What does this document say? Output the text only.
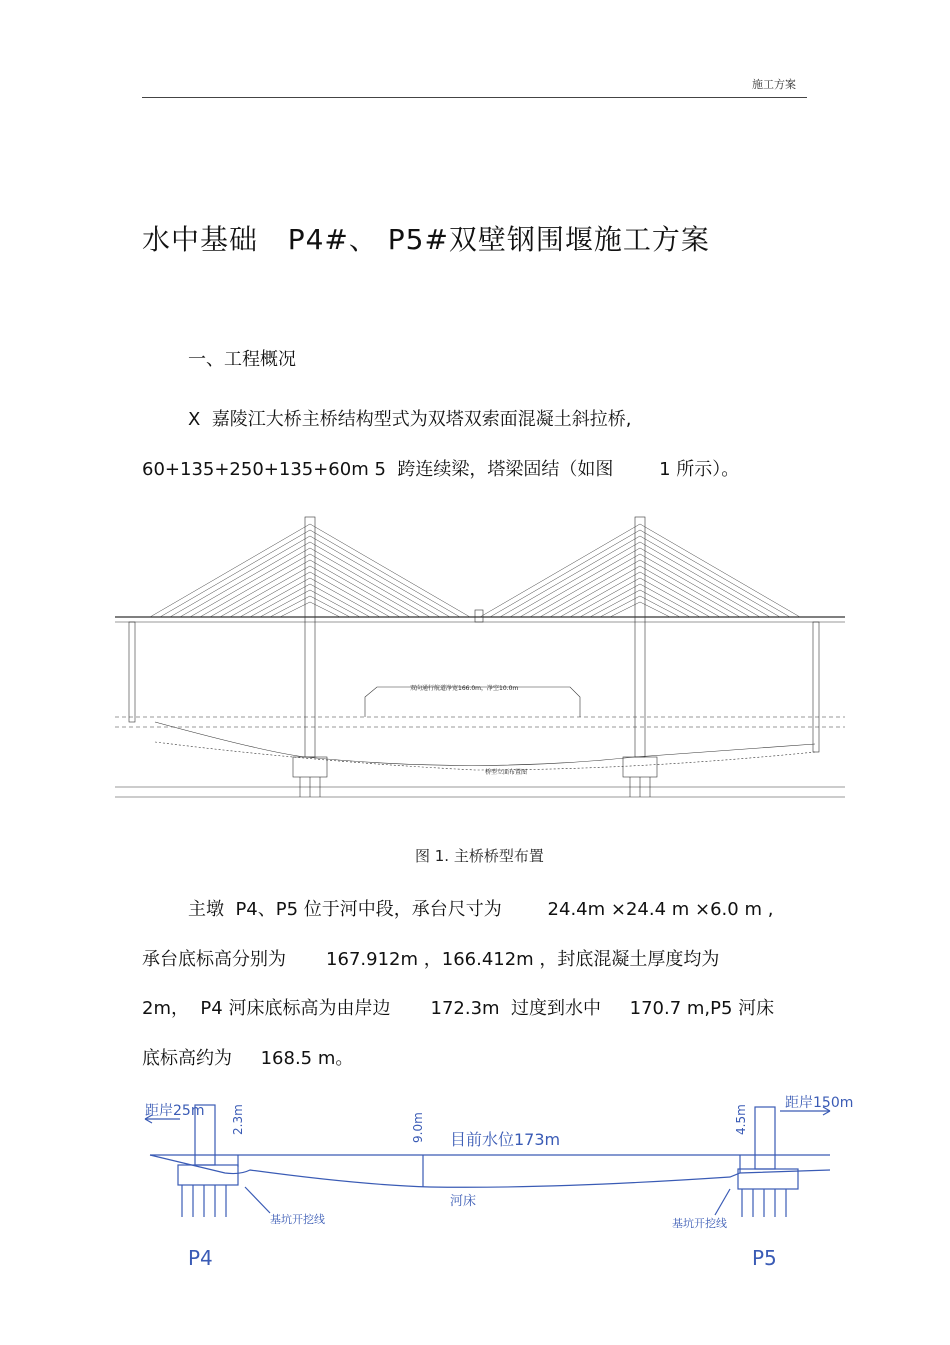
施工方案
水中基础   P4#、 P5#双壁钢围堰施工方案
一、工程概况
X  嘉陵江大桥主桥结构型式为双塔双索面混凝土斜拉桥,
60+135+250+135+60m 5  跨连续梁，塔梁固结（如图        1 所示）。
双向通行航道净宽166.0m，净空10.0m
桥型立面布置图
图 1. 主桥桥型布置
主墩  P4、P5 位于河中段，承台尺寸为        24.4m ×24.4 m ×6.0 m ,
承台底标高分别为       167.912m ，166.412m ，封底混凝土厚度均为
2m，  P4 河床底标高为由岸边       172.3m  过度到水中     170.7 m,P5 河床
底标高约为     168.5 m。
距岸25m	距岸150m
2.3m	9.0m	4.5m
目前水位173m
河床
基坑开挖线	基坑开挖线
P4	P5
